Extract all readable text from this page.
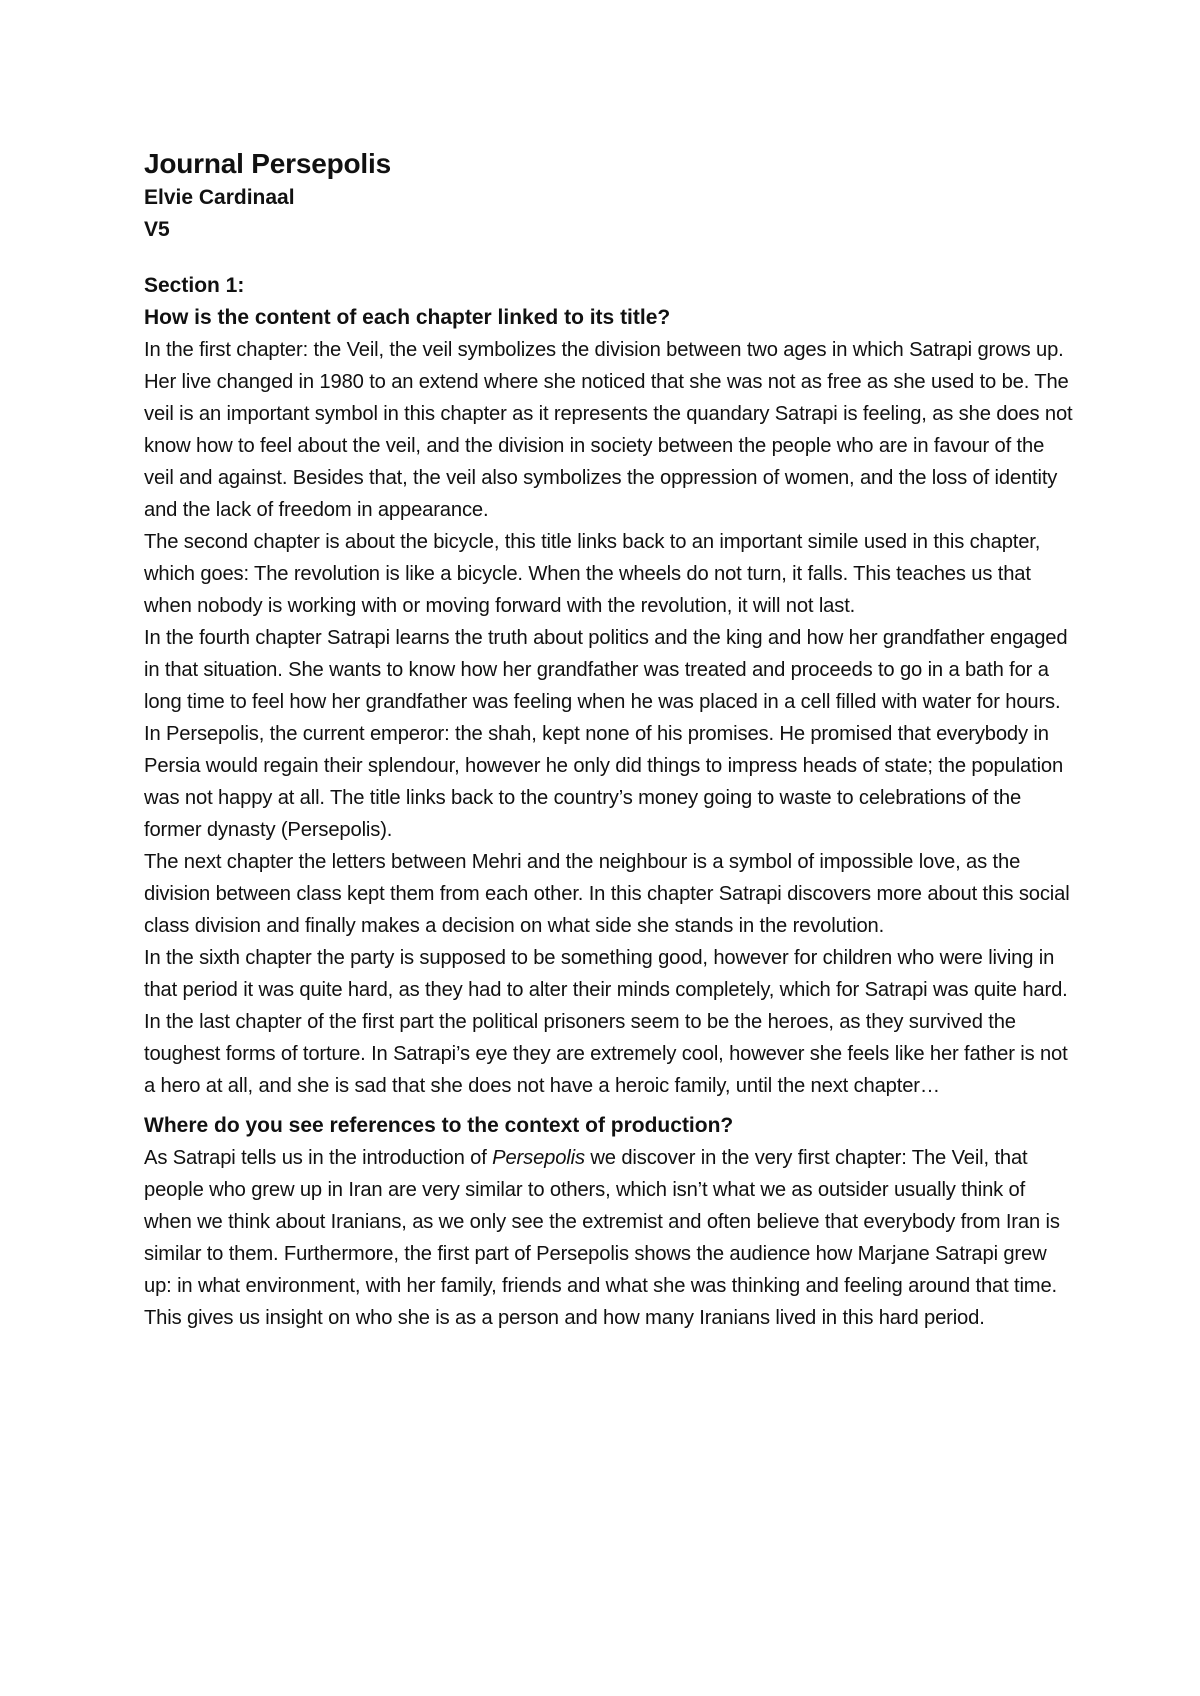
Journal Persepolis

Elvie Cardinaal

V5

Section 1:

How is the content of each chapter linked to its title?

In the first chapter: the Veil, the veil symbolizes the division between two ages in which Satrapi grows up. Her live changed in 1980 to an extend where she noticed that she was not as free as she used to be. The veil is an important symbol in this chapter as it represents the quandary Satrapi is feeling, as she does not know how to feel about the veil, and the division in society between the people who are in favour of the veil and against. Besides that, the veil also symbolizes the oppression of women, and the loss of identity and the lack of freedom in appearance.

The second chapter is about the bicycle, this title links back to an important simile used in this chapter, which goes: The revolution is like a bicycle. When the wheels do not turn, it falls. This teaches us that when nobody is working with or moving forward with the revolution, it will not last.

In the fourth chapter Satrapi learns the truth about politics and the king and how her grandfather engaged in that situation. She wants to know how her grandfather was treated and proceeds to go in a bath for a long time to feel how her grandfather was feeling when he was placed in a cell filled with water for hours.

In Persepolis, the current emperor: the shah, kept none of his promises. He promised that everybody in Persia would regain their splendour, however he only did things to impress heads of state; the population was not happy at all. The title links back to the country’s money going to waste to celebrations of the former dynasty (Persepolis).

The next chapter the letters between Mehri and the neighbour is a symbol of impossible love, as the division between class kept them from each other. In this chapter Satrapi discovers more about this social class division and finally makes a decision on what side she stands in the revolution.

In the sixth chapter the party is supposed to be something good, however for children who were living in that period it was quite hard, as they had to alter their minds completely, which for Satrapi was quite hard.

In the last chapter of the first part the political prisoners seem to be the heroes, as they survived the toughest forms of torture. In Satrapi’s eye they are extremely cool, however she feels like her father is not a hero at all, and she is sad that she does not have a heroic family, until the next chapter…

Where do you see references to the context of production?

As Satrapi tells us in the introduction of Persepolis we discover in the very first chapter: The Veil, that people who grew up in Iran are very similar to others, which isn’t what we as outsider usually think of when we think about Iranians, as we only see the extremist and often believe that everybody from Iran is similar to them. Furthermore, the first part of Persepolis shows the audience how Marjane Satrapi grew up: in what environment, with her family, friends and what she was thinking and feeling around that time. This gives us insight on who she is as a person and how many Iranians lived in this hard period.
